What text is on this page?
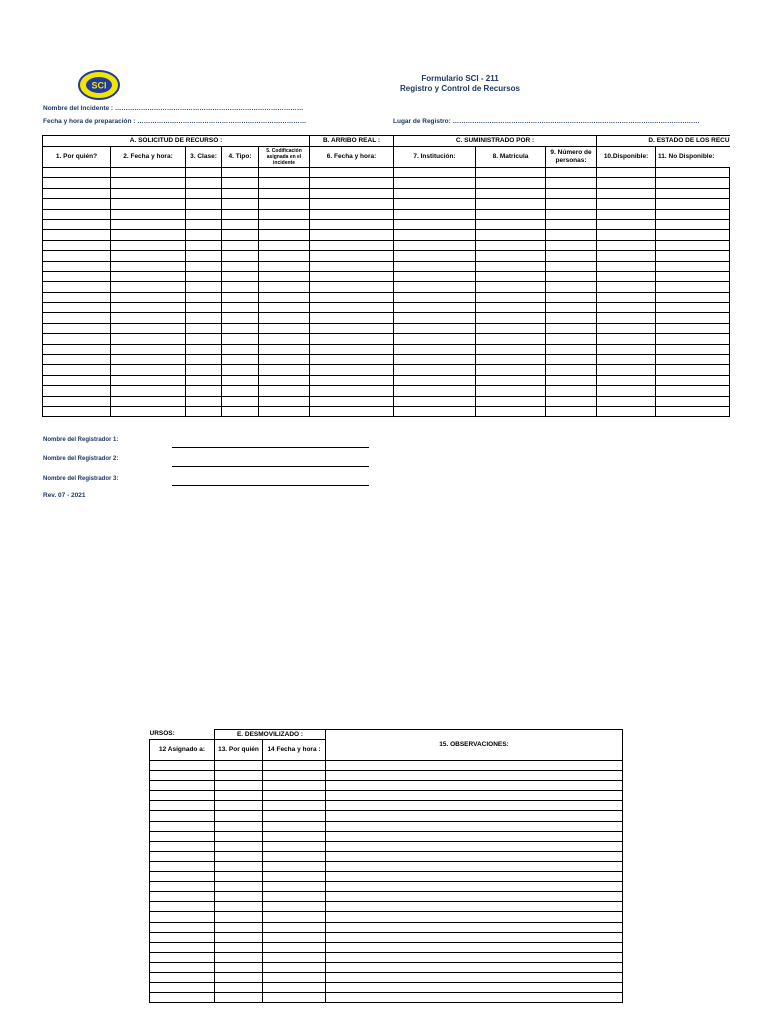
SCI
Formulario SCI - 211
Registro y Control de Recursos
Nombre del Incidente : ……………………………………………………………………………
Fecha y hora de preparación : ……………………………………………………………………	Lugar de Registro: ……………………………………………………………………………………………………
A. SOLICITUD DE RECURSO :					B. ARRIBO REAL :	C. SUMINISTRADO POR :			D. ESTADO DE LOS RECU	
1. Por quién?	2. Fecha y hora:	3. Clase:	4. Tipo:	5. Codificación asignada en el incidente	6. Fecha y hora:	7. Institución:	8. Matricula	9. Número de personas:	10.Disponible:	11. No Disponible:

Nombre del Registrador 1:
Nombre del Registrador 2:
Nombre del Registrador 3:
Rev. 07 - 2021
URSOS:	E. DESMOVILIZADO :		15. OBSERVACIONES:
12 Asignado a:	13. Por quién	14 Fecha y hora :	
